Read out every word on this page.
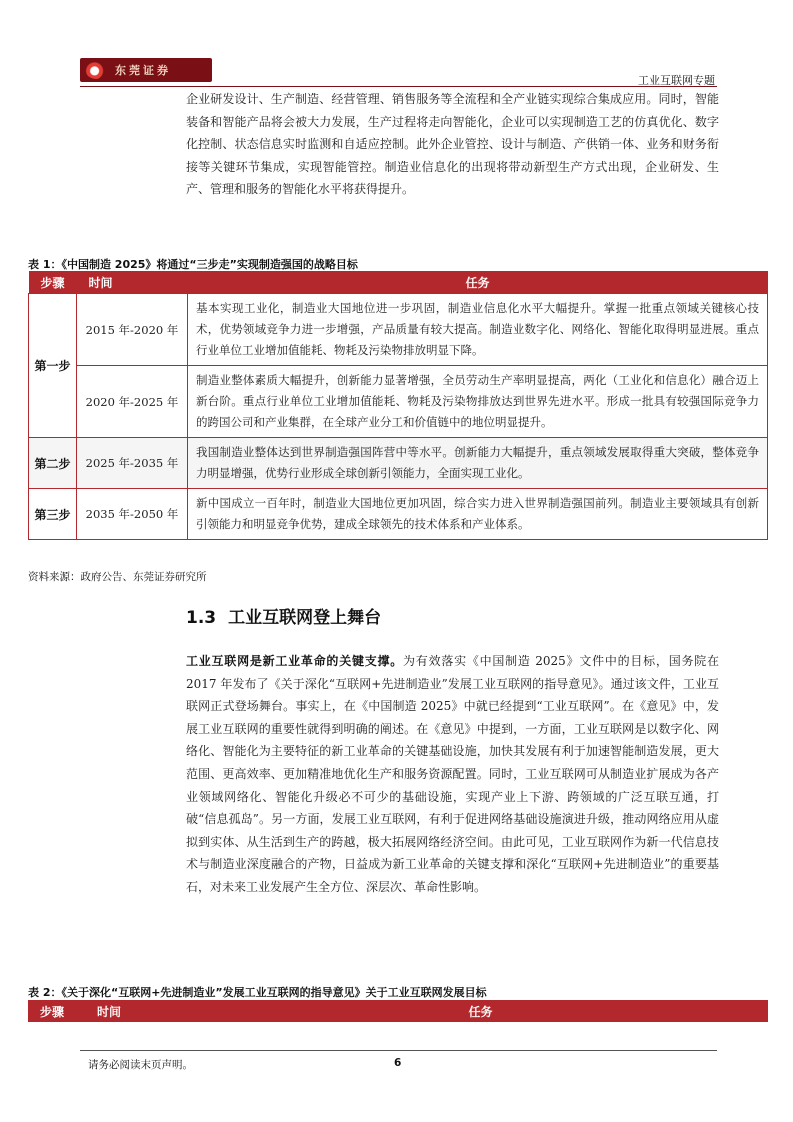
东莞证券
工业互联网专题
企业研发设计、生产制造、经营管理、销售服务等全流程和全产业链实现综合集成应用。同时，智能装备和智能产品将会被大力发展，生产过程将走向智能化，企业可以实现制造工艺的仿真优化、数字化控制、状态信息实时监测和自适应控制。此外企业管控、设计与制造、产供销一体、业务和财务衔接等关键环节集成，实现智能管控。制造业信息化的出现将带动新型生产方式出现，企业研发、生产、管理和服务的智能化水平将获得提升。
表 1：《中国制造 2025》将通过“三步走”实现制造强国的战略目标
步骤	时间	任务
第一步	2015 年-2020 年	基本实现工业化，制造业大国地位进一步巩固，制造业信息化水平大幅提升。掌握一批重点领域关键核心技术，优势领域竞争力进一步增强，产品质量有较大提高。制造业数字化、网络化、智能化取得明显进展。重点行业单位工业增加值能耗、物耗及污染物排放明显下降。
	2020 年-2025 年	制造业整体素质大幅提升，创新能力显著增强，全员劳动生产率明显提高，两化（工业化和信息化）融合迈上新台阶。重点行业单位工业增加值能耗、物耗及污染物排放达到世界先进水平。形成一批具有较强国际竞争力的跨国公司和产业集群，在全球产业分工和价值链中的地位明显提升。
第二步	2025 年-2035 年	我国制造业整体达到世界制造强国阵营中等水平。创新能力大幅提升，重点领域发展取得重大突破，整体竞争力明显增强，优势行业形成全球创新引领能力，全面实现工业化。
第三步	2035 年-2050 年	新中国成立一百年时，制造业大国地位更加巩固，综合实力进入世界制造强国前列。制造业主要领域具有创新引领能力和明显竞争优势，建成全球领先的技术体系和产业体系。
资料来源：政府公告、东莞证券研究所
1.3 工业互联网登上舞台
工业互联网是新工业革命的关键支撑。为有效落实《中国制造 2025》文件中的目标，国务院在 2017 年发布了《关于深化“互联网+先进制造业”发展工业互联网的指导意见》。通过该文件，工业互联网正式登场舞台。事实上，在《中国制造 2025》中就已经提到“工业互联网”。在《意见》中，发展工业互联网的重要性就得到明确的阐述。在《意见》中提到，一方面，工业互联网是以数字化、网络化、智能化为主要特征的新工业革命的关键基础设施，加快其发展有利于加速智能制造发展，更大范围、更高效率、更加精准地优化生产和服务资源配置。同时，工业互联网可从制造业扩展成为各产业领域网络化、智能化升级必不可少的基础设施，实现产业上下游、跨领域的广泛互联互通，打破“信息孤岛”。另一方面，发展工业互联网，有利于促进网络基础设施演进升级，推动网络应用从虚拟到实体、从生活到生产的跨越，极大拓展网络经济空间。由此可见，工业互联网作为新一代信息技术与制造业深度融合的产物，日益成为新工业革命的关键支撑和深化“互联网+先进制造业”的重要基石，对未来工业发展产生全方位、深层次、革命性影响。
表 2：《关于深化“互联网+先进制造业”发展工业互联网的指导意见》关于工业互联网发展目标
步骤	时间	任务
请务必阅读末页声明。	6
